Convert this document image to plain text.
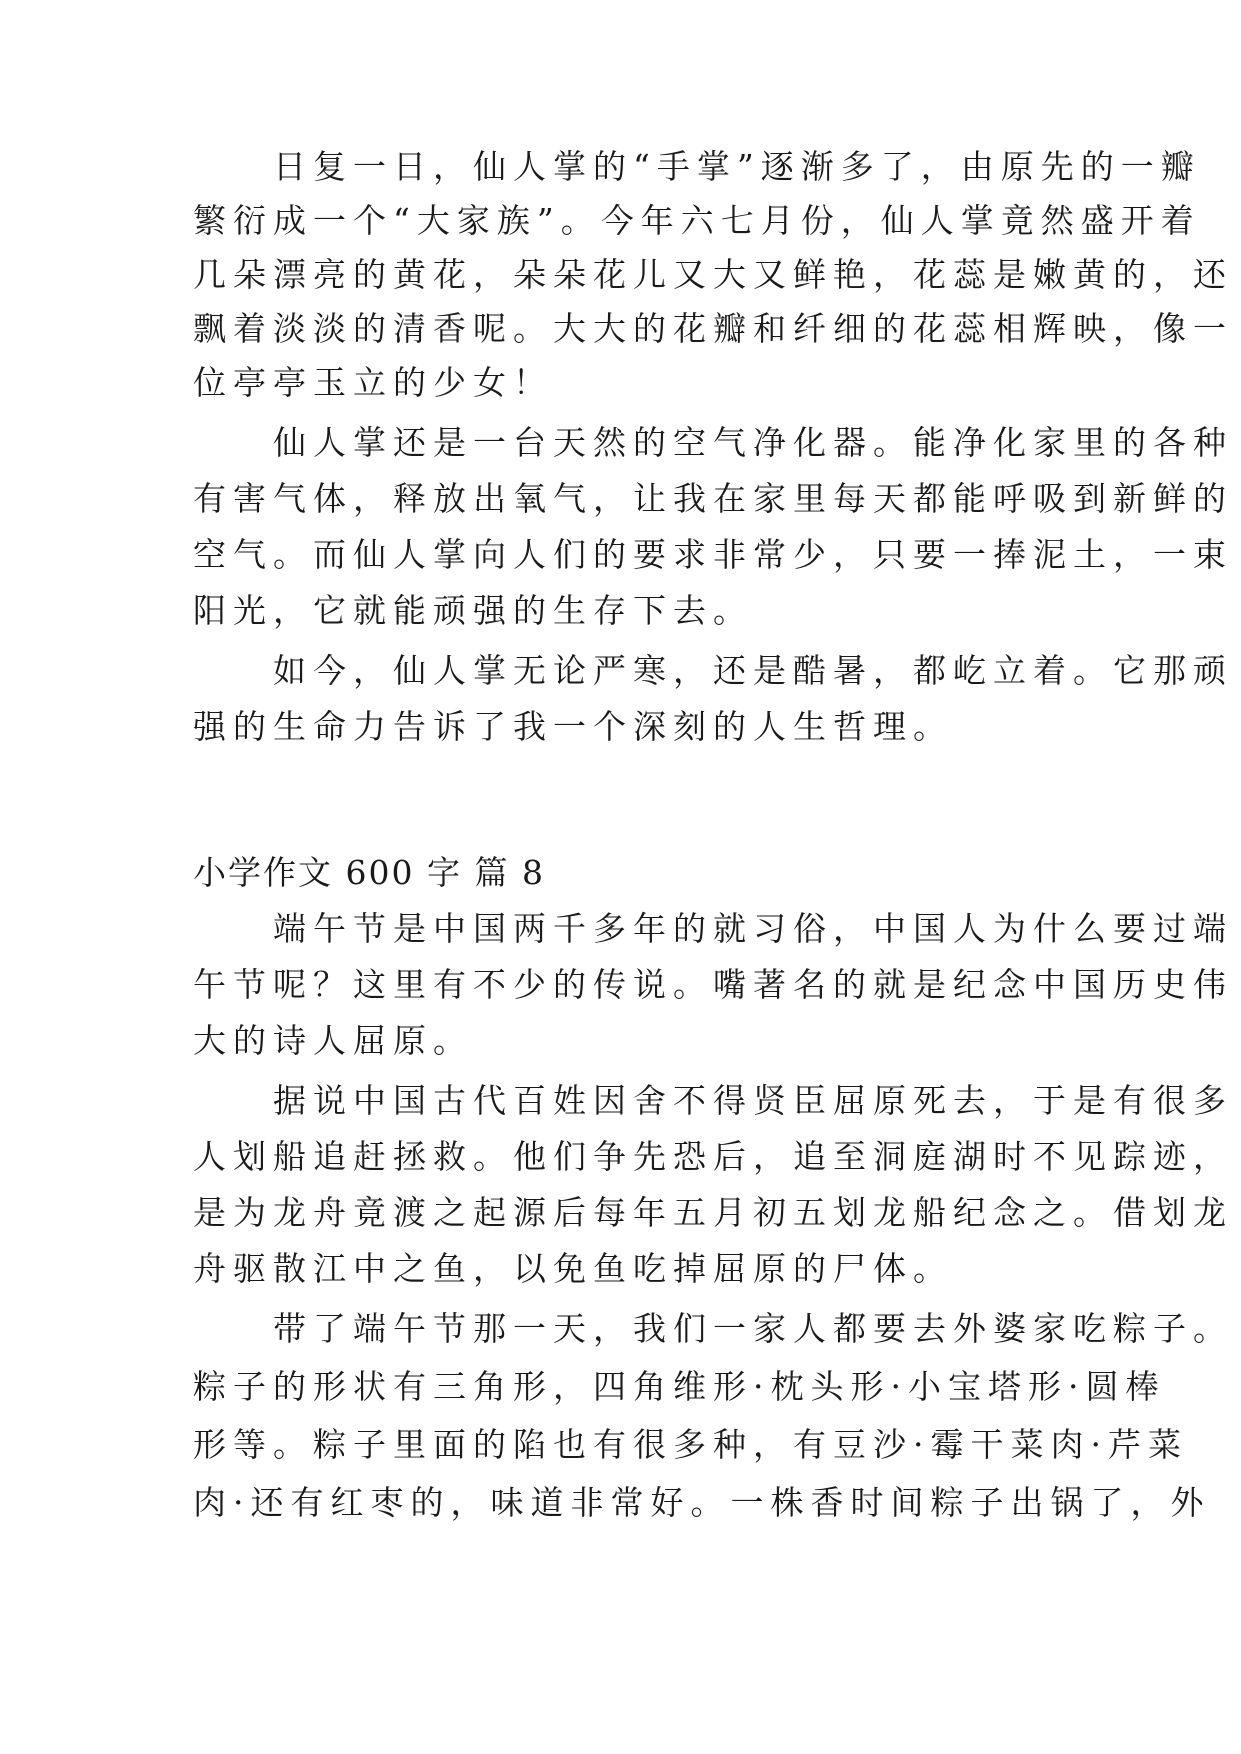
　　日复一日，仙人掌的“手掌”逐渐多了，由原先的一瓣

繁衍成一个“大家族”。今年六七月份，仙人掌竟然盛开着

几朵漂亮的黄花，朵朵花儿又大又鲜艳，花蕊是嫩黄的，还

飘着淡淡的清香呢。大大的花瓣和纤细的花蕊相辉映，像一

位亭亭玉立的少女！

　　仙人掌还是一台天然的空气净化器。能净化家里的各种

有害气体，释放出氧气，让我在家里每天都能呼吸到新鲜的

空气。而仙人掌向人们的要求非常少，只要一捧泥土，一束

阳光，它就能顽强的生存下去。

　　如今，仙人掌无论严寒，还是酷暑，都屹立着。它那顽

强的生命力告诉了我一个深刻的人生哲理。

小学作文 600 字 篇 8

　　端午节是中国两千多年的就习俗，中国人为什么要过端

午节呢？这里有不少的传说。嘴著名的就是纪念中国历史伟

大的诗人屈原。

　　据说中国古代百姓因舍不得贤臣屈原死去，于是有很多

人划船追赶拯救。他们争先恐后，追至洞庭湖时不见踪迹，

是为龙舟竟渡之起源后每年五月初五划龙船纪念之。借划龙

舟驱散江中之鱼，以免鱼吃掉屈原的尸体。

　　带了端午节那一天，我们一家人都要去外婆家吃粽子。

粽子的形状有三角形，四角维形·枕头形·小宝塔形·圆棒

形等。粽子里面的陷也有很多种，有豆沙·霉干菜肉·芹菜

肉·还有红枣的，味道非常好。一株香时间粽子出锅了，外
